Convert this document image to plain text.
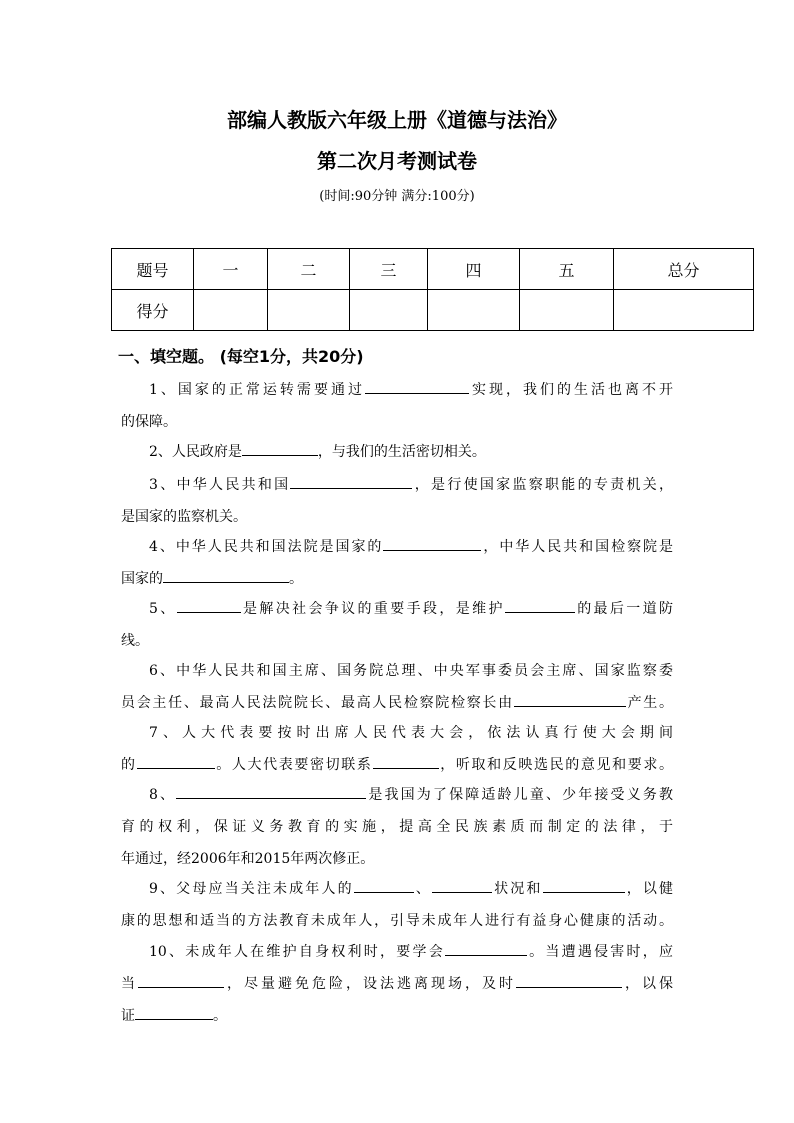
部编人教版六年级上册《道德与法治》
第二次月考测试卷

(时间:90分钟 满分:100分)

题号	一	二	三	四	五	总分
得分						
一、填空题。 (每空1分，共20分)
1、国家的正常运转需要通过	实现，我们的生活也离不开
的保障。
2、人民政府是	，与我们的生活密切相关。
3、中华人民共和国	，是行使国家监察职能的专责机关，
是国家的监察机关。
4、中华人民共和国法院是国家的	，中华人民共和国检察院是
国家的	。
5、	是解决社会争议的重要手段，是维护	的最后一道防
线。
6、中华人民共和国主席、国务院总理、中央军事委员会主席、国家监察委
员会主任、最高人民法院院长、最高人民检察院检察长由	产生。
7、人大代表要按时出席人民代表大会，依法认真行使大会期间
的	。人大代表要密切联系	，听取和反映选民的意见和要求。
8、	是我国为了保障适龄儿童、少年接受义务教
育的权利，保证义务教育的实施，提高全民族素质而制定的法律，于
年通过，经2006年和2015年两次修正。
9、父母应当关注未成年人的	、	状况和	，以健
康的思想和适当的方法教育未成年人，引导未成年人进行有益身心健康的活动。
10、未成年人在维护自身权利时，要学会	。当遭遇侵害时，应
当	，尽量避免危险，设法逃离现场，及时	，以保
证	。
